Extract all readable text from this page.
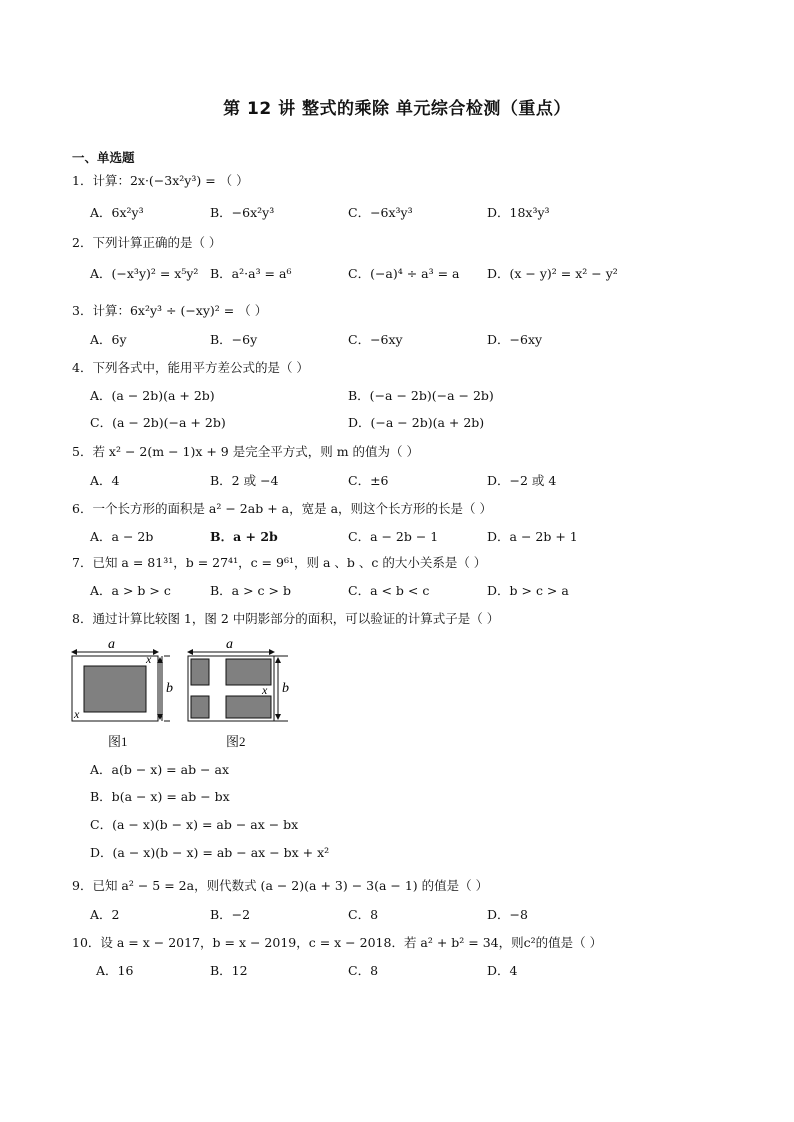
第 12 讲 整式的乘除 单元综合检测（重点）
一、单选题
1．计算：2x·(−3x²y³) = （ ）
A．6x²y³	B．−6x²y³	C．−6x³y³	D．18x³y³
2．下列计算正确的是（ ）
A．(−x³y)² = x⁵y² B．a²·a³ = a⁶	C．(−a)⁴ ÷ a³ = a D．(x − y)² = x² − y²
3．计算：6x²y³ ÷ (−xy)² = （ ）
A．6y	B．−6y	C．−6xy	D．−6xy
4．下列各式中，能用平方差公式的是（ ）
A．(a − 2b)(a + 2b)	B．(−a − 2b)(−a − 2b)
C．(a − 2b)(−a + 2b)	D．(−a − 2b)(a + 2b)
5．若 x² − 2(m − 1)x + 9 是完全平方式，则 m 的值为（ ）
A．4	B．2 或 −4	C．±6	D．−2 或 4
6．一个长方形的面积是 a² − 2ab + a，宽是 a，则这个长方形的长是（ ）
A．a − 2b	B．a + 2b	C．a − 2b − 1	D．a − 2b + 1
7．已知 a = 81³¹，b = 27⁴¹，c = 9⁶¹，则 a 、b 、c 的大小关系是（ ）
A．a > b > c	B．a > c > b	C．a < b < c	D．b > c > a
8．通过计算比较图 1，图 2 中阴影部分的面积，可以验证的计算式子是（ ）
a
x
x
b
a
x b
图1	图2
A．a(b − x) = ab − ax
B．b(a − x) = ab − bx
C．(a − x)(b − x) = ab − ax − bx
D．(a − x)(b − x) = ab − ax − bx + x²
9．已知 a² − 5 = 2a，则代数式 (a − 2)(a + 3) − 3(a − 1) 的值是（ ）
A．2	B．−2	C．8	D．−8
10．设 a = x − 2017，b = x − 2019，c = x − 2018．若 a² + b² = 34，则c²的值是（ ）
A．16	B．12	C．8	D．4
